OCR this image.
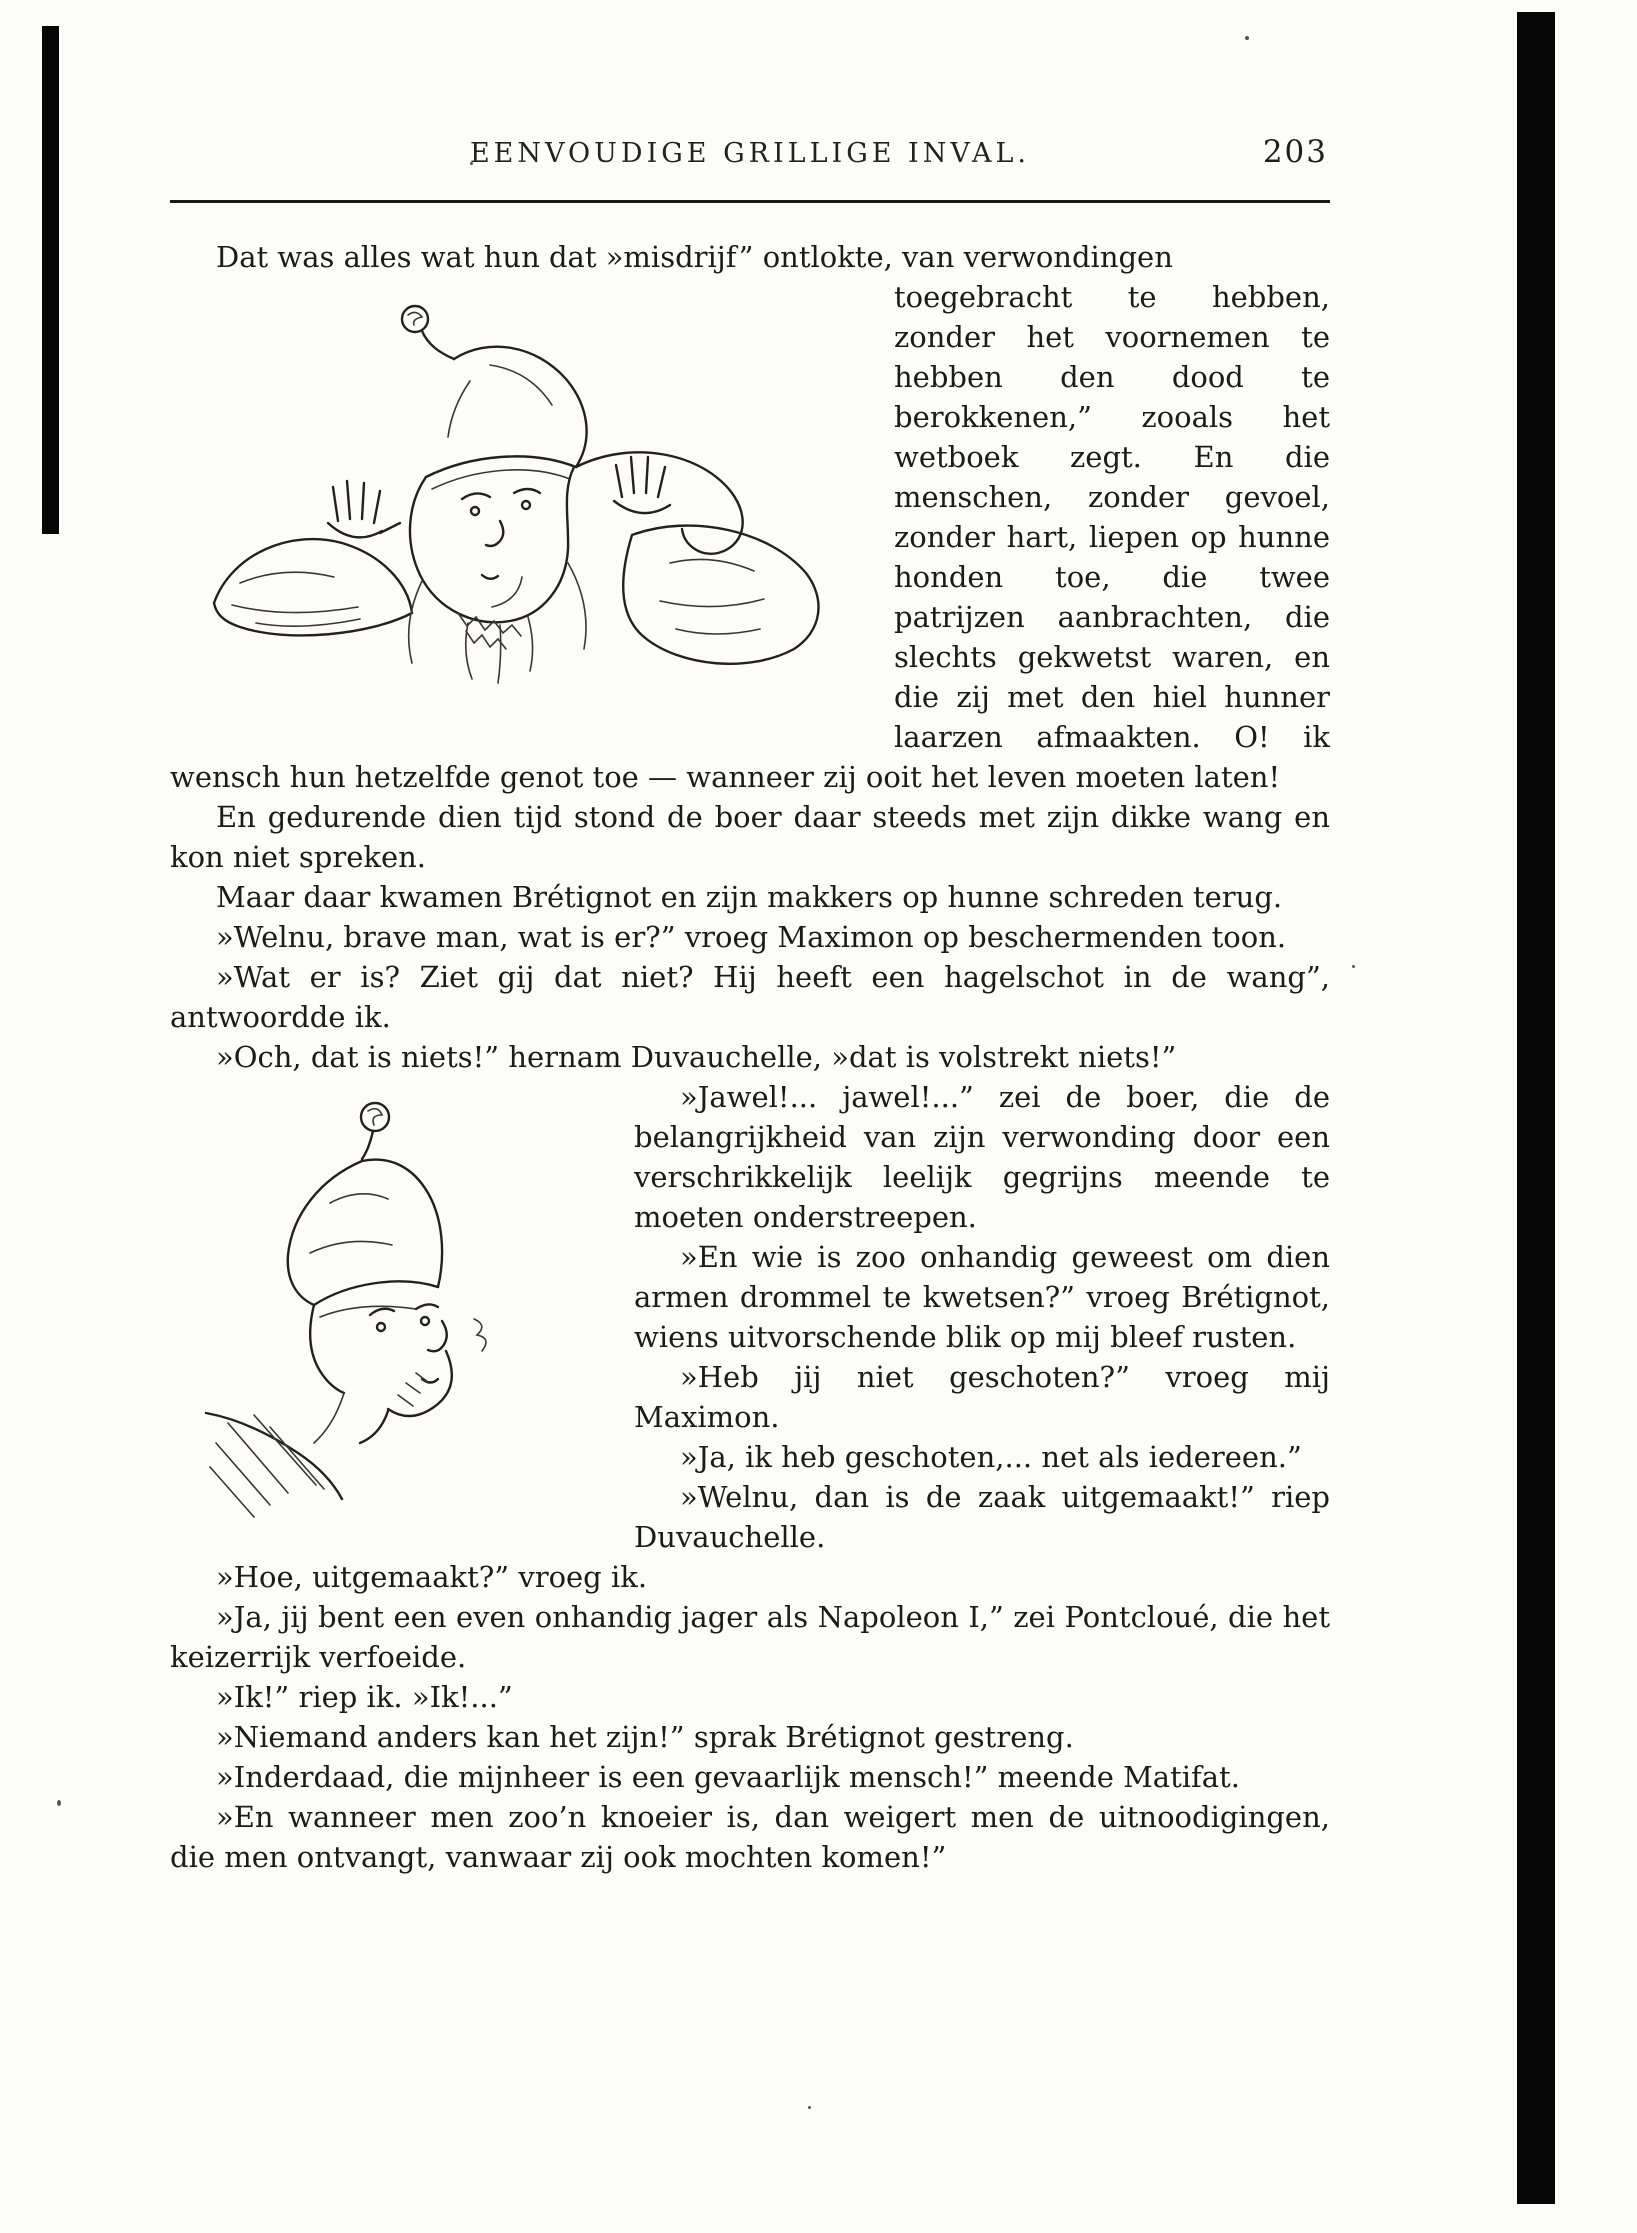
EENVOUDIGE GRILLIGE INVAL.	203

Dat was alles wat hun dat »misdrijf” ontlokte, van verwondingen

toegebracht te hebben, zonder het voornemen te hebben den dood te berokkenen,” zooals het wetboek zegt. En die menschen, zonder gevoel, zonder hart, liepen op hunne honden toe, die twee patrijzen aanbrachten, die slechts gekwetst waren, en die zij met den hiel hunner laarzen afmaakten. O! ik wensch hun hetzelfde genot toe — wanneer zij ooit het leven moeten laten!

En gedurende dien tijd stond de boer daar steeds met zijn dikke wang en kon niet spreken.

Maar daar kwamen Brétignot en zijn makkers op hunne schreden terug.

»Welnu, brave man, wat is er?” vroeg Maximon op beschermenden toon.

»Wat er is? Ziet gij dat niet? Hij heeft een hagelschot in de wang”, antwoordde ik.

»Och, dat is niets!” hernam Duvauchelle, »dat is volstrekt niets!”

»Jawel!... jawel!...” zei de boer, die de belangrijkheid van zijn verwonding door een verschrikkelijk leelijk gegrijns meende te moeten onderstreepen.

»En wie is zoo onhandig geweest om dien armen drommel te kwetsen?” vroeg Brétignot, wiens uitvorschende blik op mij bleef rusten.

»Heb jij niet geschoten?” vroeg mij Maximon.

»Ja, ik heb geschoten,... net als iedereen.”

»Welnu, dan is de zaak uitgemaakt!” riep Duvauchelle.

»Hoe, uitgemaakt?” vroeg ik.

»Ja, jij bent een even onhandig jager als Napoleon I,” zei Pontcloué, die het keizerrijk verfoeide.

»Ik!” riep ik. »Ik!...”

»Niemand anders kan het zijn!” sprak Brétignot gestreng.

»Inderdaad, die mijnheer is een gevaarlijk mensch!” meende Matifat.

»En wanneer men zoo’n knoeier is, dan weigert men de uitnoodigingen, die men ontvangt, vanwaar zij ook mochten komen!”
